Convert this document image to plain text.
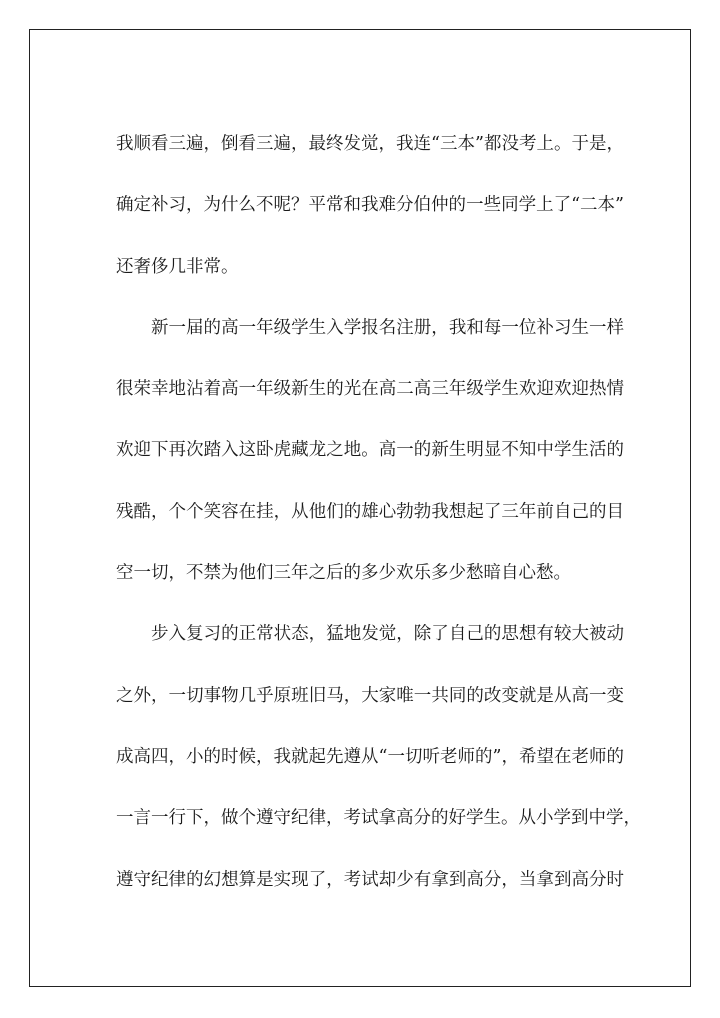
我顺看三遍，倒看三遍，最终发觉，我连“三本”都没考上。于是，
确定补习，为什么不呢？平常和我难分伯仲的一些同学上了“二本”
还奢侈几非常。
新一届的高一年级学生入学报名注册，我和每一位补习生一样
很荣幸地沾着高一年级新生的光在高二高三年级学生欢迎欢迎热情
欢迎下再次踏入这卧虎藏龙之地。高一的新生明显不知中学生活的
残酷，个个笑容在挂，从他们的雄心勃勃我想起了三年前自己的目
空一切，不禁为他们三年之后的多少欢乐多少愁暗自心愁。
步入复习的正常状态，猛地发觉，除了自己的思想有较大被动
之外，一切事物几乎原班旧马，大家唯一共同的改变就是从高一变
成高四，小的时候，我就起先遵从“一切听老师的”，希望在老师的
一言一行下，做个遵守纪律，考试拿高分的好学生。从小学到中学，
遵守纪律的幻想算是实现了，考试却少有拿到高分，当拿到高分时
